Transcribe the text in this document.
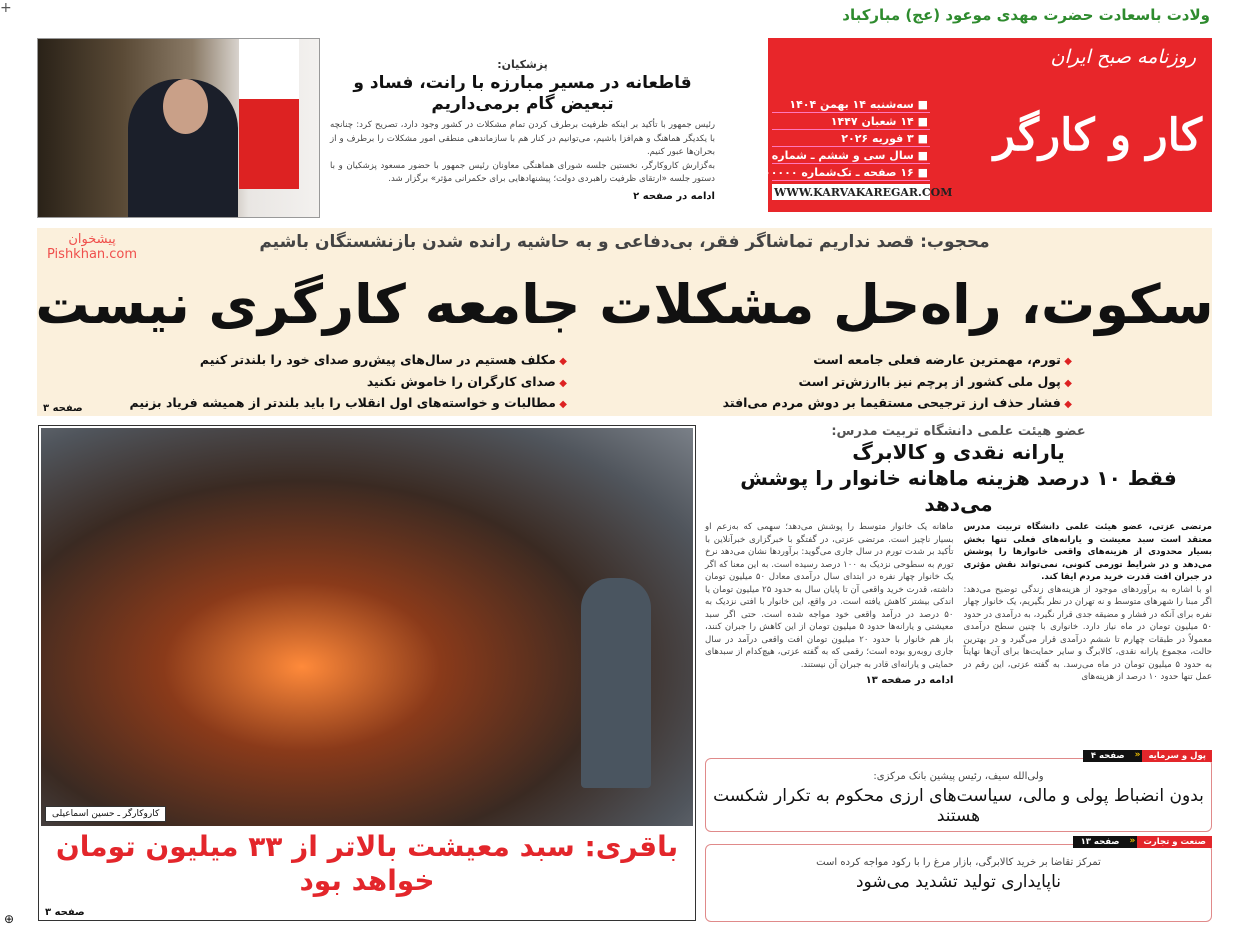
+	ولادت باسعادت حضرت مهدی موعود (عج) مبارکباد
پزشکیان:
قاطعانه در مسیر مبارزه با رانت، فساد و تبعیض گام برمی‌داریم

رئیس جمهور با تأکید بر اینکه ظرفیت برطرف کردن تمام مشکلات در کشور وجود دارد، تصریح کرد: چنانچه با یکدیگر هماهنگ و هم‌افزا باشیم، می‌توانیم در کنار هم با سازماندهی منطقی امور مشکلات را برطرف و از بحران‌ها عبور کنیم.

به‌گزارش کاروکارگر، نخستین جلسه شورای هماهنگی معاونان رئیس جمهور با حضور مسعود پزشکیان و با دستور جلسه «ارتقای ظرفیت راهبردی دولت؛ پیشنهادهایی برای حکمرانی مؤثر» برگزار شد.

ادامه در صفحه ۲
روزنامه صبح ایران
کار و کارگر
■ سه‌شنبه ۱۴ بهمن ۱۴۰۴
■ ۱۴ شعبان ۱۴۴۷
■ ۳ فوریه ۲۰۲۶
■ سال سی و ششم ـ شماره ۹۹۶۸
■ ۱۶ صفحه ـ تک‌شماره ۱۰۰۰۰۰ ریال
WWW.KARVAKAREGAR.COM
محجوب: قصد نداریم تماشاگر فقر، بی‌دفاعی و به حاشیه رانده شدن بازنشستگان باشیم
سکوت، راه‌حل مشکلات جامعه کارگری نیست
پیشخوان
Pishkhan.com
◆ تورم، مهمترین عارضه فعلی جامعه است
◆ پول ملی کشور از پرچم نیز باارزش‌تر است
◆ فشار حذف ارز ترجیحی مستقیما بر دوش مردم می‌افتد
◆ مکلف هستیم در سال‌های پیش‌رو صدای خود را بلندتر کنیم
◆ صدای کارگران را خاموش نکنید
◆ مطالبات و خواسته‌های اول انقلاب را باید بلندتر از همیشه فریاد بزنیم
صفحه ۳
کاروکارگر ـ حسین اسماعیلی
باقری: سبد معیشت بالاتر از ۳۳ میلیون تومان خواهد بود
صفحه ۳
عضو هیئت علمی دانشگاه تربیت مدرس:
یارانه نقدی و کالابرگ
فقط ۱۰ درصد هزینه ماهانه خانوار را پوشش می‌دهد

مرتضی عزتی، عضو هیئت علمی دانشگاه تربیت مدرس معتقد است سبد معیشت و یارانه‌های فعلی تنها بخش بسیار محدودی از هزینه‌های واقعی خانوارها را پوشش می‌دهد و در شرایط تورمی کنونی، نمی‌تواند نقش مؤثری در جبران افت قدرت خرید مردم ایفا کند.

او با اشاره به برآوردهای موجود از هزینه‌های زندگی توضیح می‌دهد: اگر مبنا را شهرهای متوسط و نه تهران در نظر بگیریم، یک خانوار چهار نفره برای آنکه در فشار و مضیقه جدی قرار نگیرد، به درآمدی در حدود ۵۰ میلیون تومان در ماه نیاز دارد. خانواری با چنین سطح درآمدی معمولاً در طبقات چهارم تا ششم درآمدی قرار می‌گیرد و در بهترین حالت، مجموع یارانه نقدی، کالابرگ و سایر حمایت‌ها برای آن‌ها نهایتاً به حدود ۵ میلیون تومان در ماه می‌رسد. به گفته عزتی، این رقم در عمل تنها حدود ۱۰ درصد از هزینه‌های

ماهانه یک خانوار متوسط را پوشش می‌دهد؛ سهمی که به‌زعم او بسیار ناچیز است. مرتضی عزتی، در گفتگو با خبرگزاری خبرآنلاین با تأکید بر شدت تورم در سال جاری می‌گوید: برآوردها نشان می‌دهد نرخ تورم به سطوحی نزدیک به ۱۰۰ درصد رسیده است. به این معنا که اگر یک خانوار چهار نفره در ابتدای سال درآمدی معادل ۵۰ میلیون تومان داشته، قدرت خرید واقعی آن تا پایان سال به حدود ۲۵ میلیون تومان یا اندکی بیشتر کاهش یافته است. در واقع، این خانوار با افتی نزدیک به ۵۰ درصد در درآمد واقعی خود مواجه شده است. حتی اگر سبد معیشتی و یارانه‌ها حدود ۵ میلیون تومان از این کاهش را جبران کنند، باز هم خانوار با حدود ۲۰ میلیون تومان افت واقعی درآمد در سال جاری روبه‌رو بوده است؛ رقمی که به گفته عزتی، هیچ‌کدام از سبدهای حمایتی و یارانه‌ای قادر به جبران آن نیستند.

ادامه در صفحه ۱۳
پول و سرمایه
«
صفحه ۴
ولی‌الله سیف، رئیس پیشین بانک مرکزی:
بدون انضباط پولی و مالی، سیاست‌های ارزی محکوم به تکرار شکست هستند
صنعت و تجارت
«
صفحه ۱۳
تمرکز تقاضا بر خرید کالابرگی، بازار مرغ را با رکود مواجه کرده است
ناپایداری تولید تشدید می‌شود
⊕
